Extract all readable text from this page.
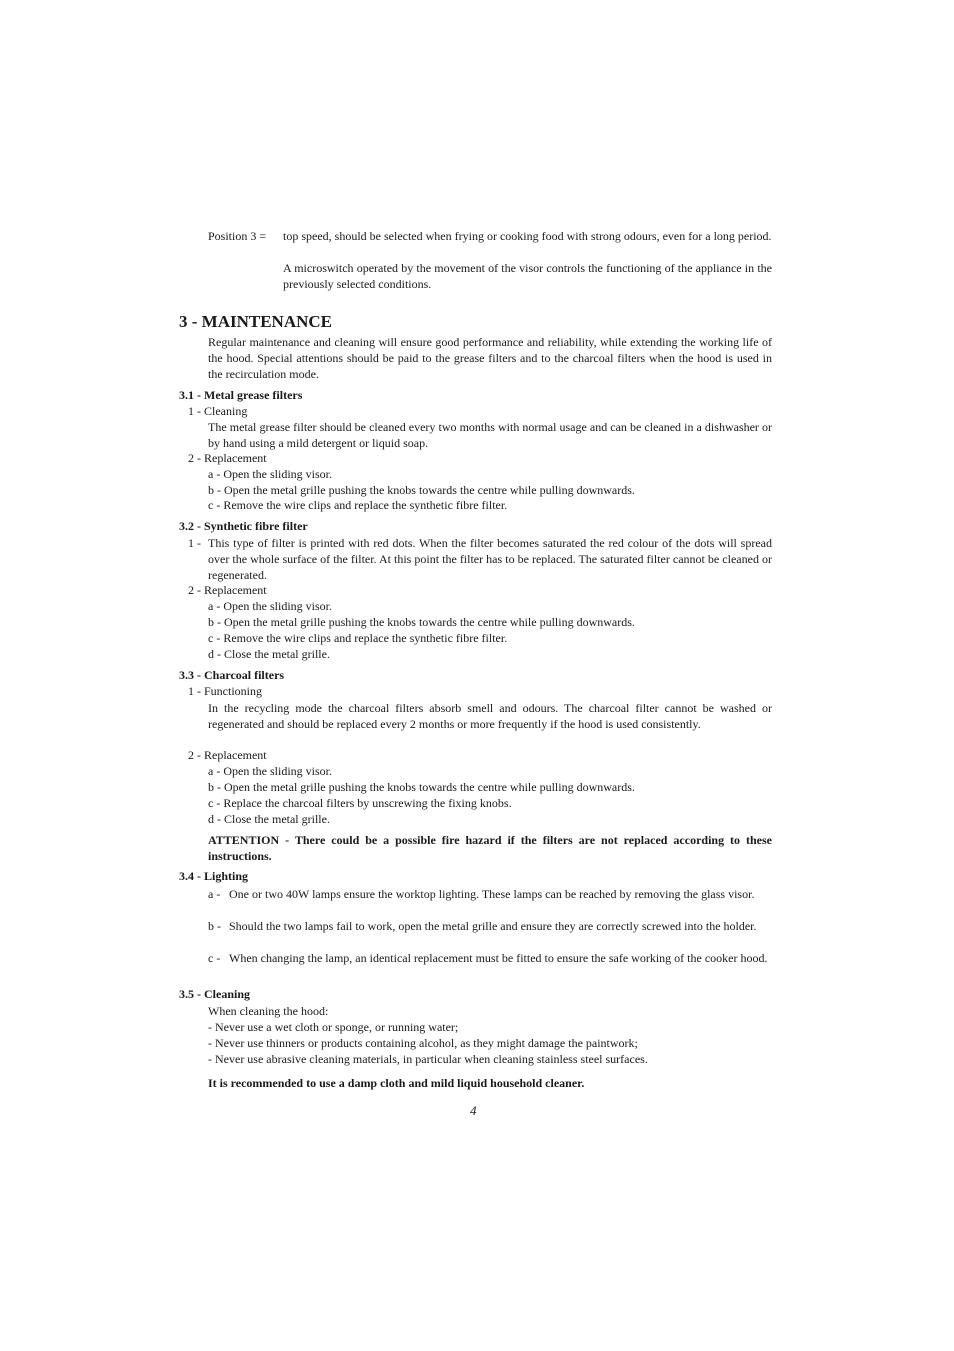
Position 3 = top speed, should be selected when frying or cooking food with strong odours, even for a long period.
A microswitch operated by the movement of the visor controls the functioning of the appliance in the previously selected conditions.
3 - MAINTENANCE
Regular maintenance and cleaning will ensure good performance and reliability, while extending the working life of the hood. Special attentions should be paid to the grease filters and to the charcoal filters when the hood is used in the recirculation mode.
3.1 - Metal grease filters
1 - Cleaning
The metal grease filter should be cleaned every two months with normal usage and can be cleaned in a dishwasher or by hand using a mild detergent or liquid soap.
2 - Replacement
a - Open the sliding visor.
b - Open the metal grille pushing the knobs towards the centre while pulling downwards.
c - Remove the wire clips and replace the synthetic fibre filter.
3.2 - Synthetic fibre filter
1 - This type of filter is printed with red dots. When the filter becomes saturated the red colour of the dots will spread over the whole surface of the filter. At this point the filter has to be replaced. The saturated filter cannot be cleaned or regenerated.
2 - Replacement
a - Open the sliding visor.
b - Open the metal grille pushing the knobs towards the centre while pulling downwards.
c - Remove the wire clips and replace the synthetic fibre filter.
d - Close the metal grille.
3.3 - Charcoal filters
1 - Functioning
In the recycling mode the charcoal filters absorb smell and odours. The charcoal filter cannot be washed or regenerated and should be replaced every 2 months or more frequently if the hood is used consistently.
2 - Replacement
a - Open the sliding visor.
b - Open the metal grille pushing the knobs towards the centre while pulling downwards.
c - Replace the charcoal filters by unscrewing the fixing knobs.
d - Close the metal grille.
ATTENTION - There could be a possible fire hazard if the filters are not replaced according to these instructions.
3.4 - Lighting
a - One or two 40W lamps ensure the worktop lighting. These lamps can be reached by removing the glass visor.
b - Should the two lamps fail to work, open the metal grille and ensure they are correctly screwed into the holder.
c - When changing the lamp, an identical replacement must be fitted to ensure the safe working of the cooker hood.
3.5 - Cleaning
When cleaning the hood:
- Never use a wet cloth or sponge, or running water;
- Never use thinners or products containing alcohol, as they might damage the paintwork;
- Never use abrasive cleaning materials, in particular when cleaning stainless steel surfaces.
It is recommended to use a damp cloth and mild liquid household cleaner.
4
